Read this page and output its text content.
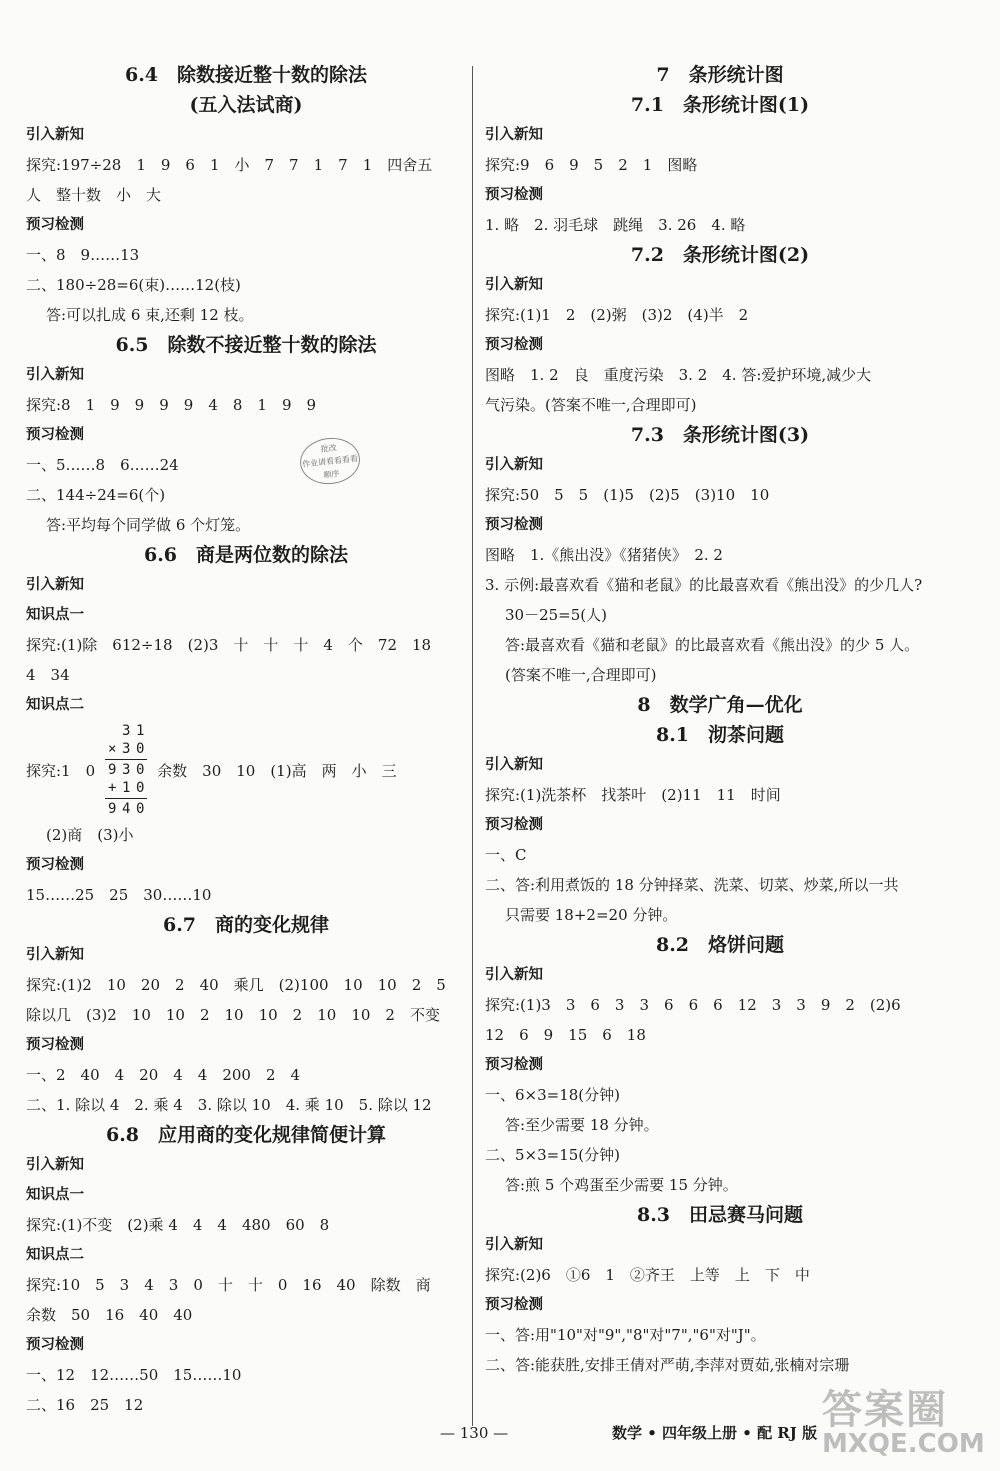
6.4　除数接近整十数的除法
(五入法试商)
引入新知
探究:197÷28　1　9　6　1　小　7　7　1　7　1　四舍五
人　整十数　小　大
预习检测
一、8　9……13
二、180÷28=6(束)……12(枝)
答:可以扎成 6 束,还剩 12 枝。
6.5　除数不接近整十数的除法
引入新知
探究:8　1　9　9　9　9　4　8　1　9　9
预习检测
一、5……8　6……24
二、144÷24=6(个)
答:平均每个同学做 6 个灯笼。
6.6　商是两位数的除法
引入新知
知识点一
探究:(1)除　612÷18　(2)3　十　十　十　4　个　72　18
4　34
知识点二
探究:1　0
3 1
× 3 0
9 3 0
+ 1 0
9 4 0
余数　30　10　(1)高　两　小　三
(2)商　(3)小
预习检测
15……25　25　30……10
6.7　商的变化规律
引入新知
探究:(1)2　10　20　2　40　乘几　(2)100　10　10　2　5
除以几　(3)2　10　10　2　10　10　2　10　10　2　不变
预习检测
一、2　40　4　20　4　4　200　2　4
二、1. 除以 4　2. 乘 4　3. 除以 10　4. 乘 10　5. 除以 12
6.8　应用商的变化规律简便计算
引入新知
知识点一
探究:(1)不变　(2)乘 4　4　4　480　60　8
知识点二
探究:10　5　3　4　3　0　十　十　0　16　40　除数　商
余数　50　16　40　40
预习检测
一、12　12……50　15……10
二、16　25　12
批改
作业请看看看看
顺序
7　条形统计图
7.1　条形统计图(1)
引入新知
探究:9　6　9　5　2　1　图略
预习检测
1. 略　2. 羽毛球　跳绳　3. 26　4. 略
7.2　条形统计图(2)
引入新知
探究:(1)1　2　(2)粥　(3)2　(4)半　2
预习检测
图略　1. 2　良　重度污染　3. 2　4. 答:爱护环境,减少大
气污染。(答案不唯一,合理即可)
7.3　条形统计图(3)
引入新知
探究:50　5　5　(1)5　(2)5　(3)10　10
预习检测
图略　1.《熊出没》《猪猪侠》　2. 2
3. 示例:最喜欢看《猫和老鼠》的比最喜欢看《熊出没》的少几人?
30－25=5(人)
答:最喜欢看《猫和老鼠》的比最喜欢看《熊出没》的少 5 人。
(答案不唯一,合理即可)
8　数学广角—优化
8.1　沏茶问题
引入新知
探究:(1)洗茶杯　找茶叶　(2)11　11　时间
预习检测
一、C
二、答:利用煮饭的 18 分钟择菜、洗菜、切菜、炒菜,所以一共
只需要 18+2=20 分钟。
8.2　烙饼问题
引入新知
探究:(1)3　3　6　3　3　6　6　6　12　3　3　9　2　(2)6
12　6　9　15　6　18
预习检测
一、6×3=18(分钟)
答:至少需要 18 分钟。
二、5×3=15(分钟)
答:煎 5 个鸡蛋至少需要 15 分钟。
8.3　田忌赛马问题
引入新知
探究:(2)6　①6　1　②齐王　上等　上　下　中
预习检测
一、答:用"10"对"9","8"对"7","6"对"J"。
二、答:能获胜,安排王倩对严萌,李萍对贾茹,张楠对宗珊
— 130 —	数学 • 四年级上册 • 配 RJ 版 答案圈
MXQE.COM
